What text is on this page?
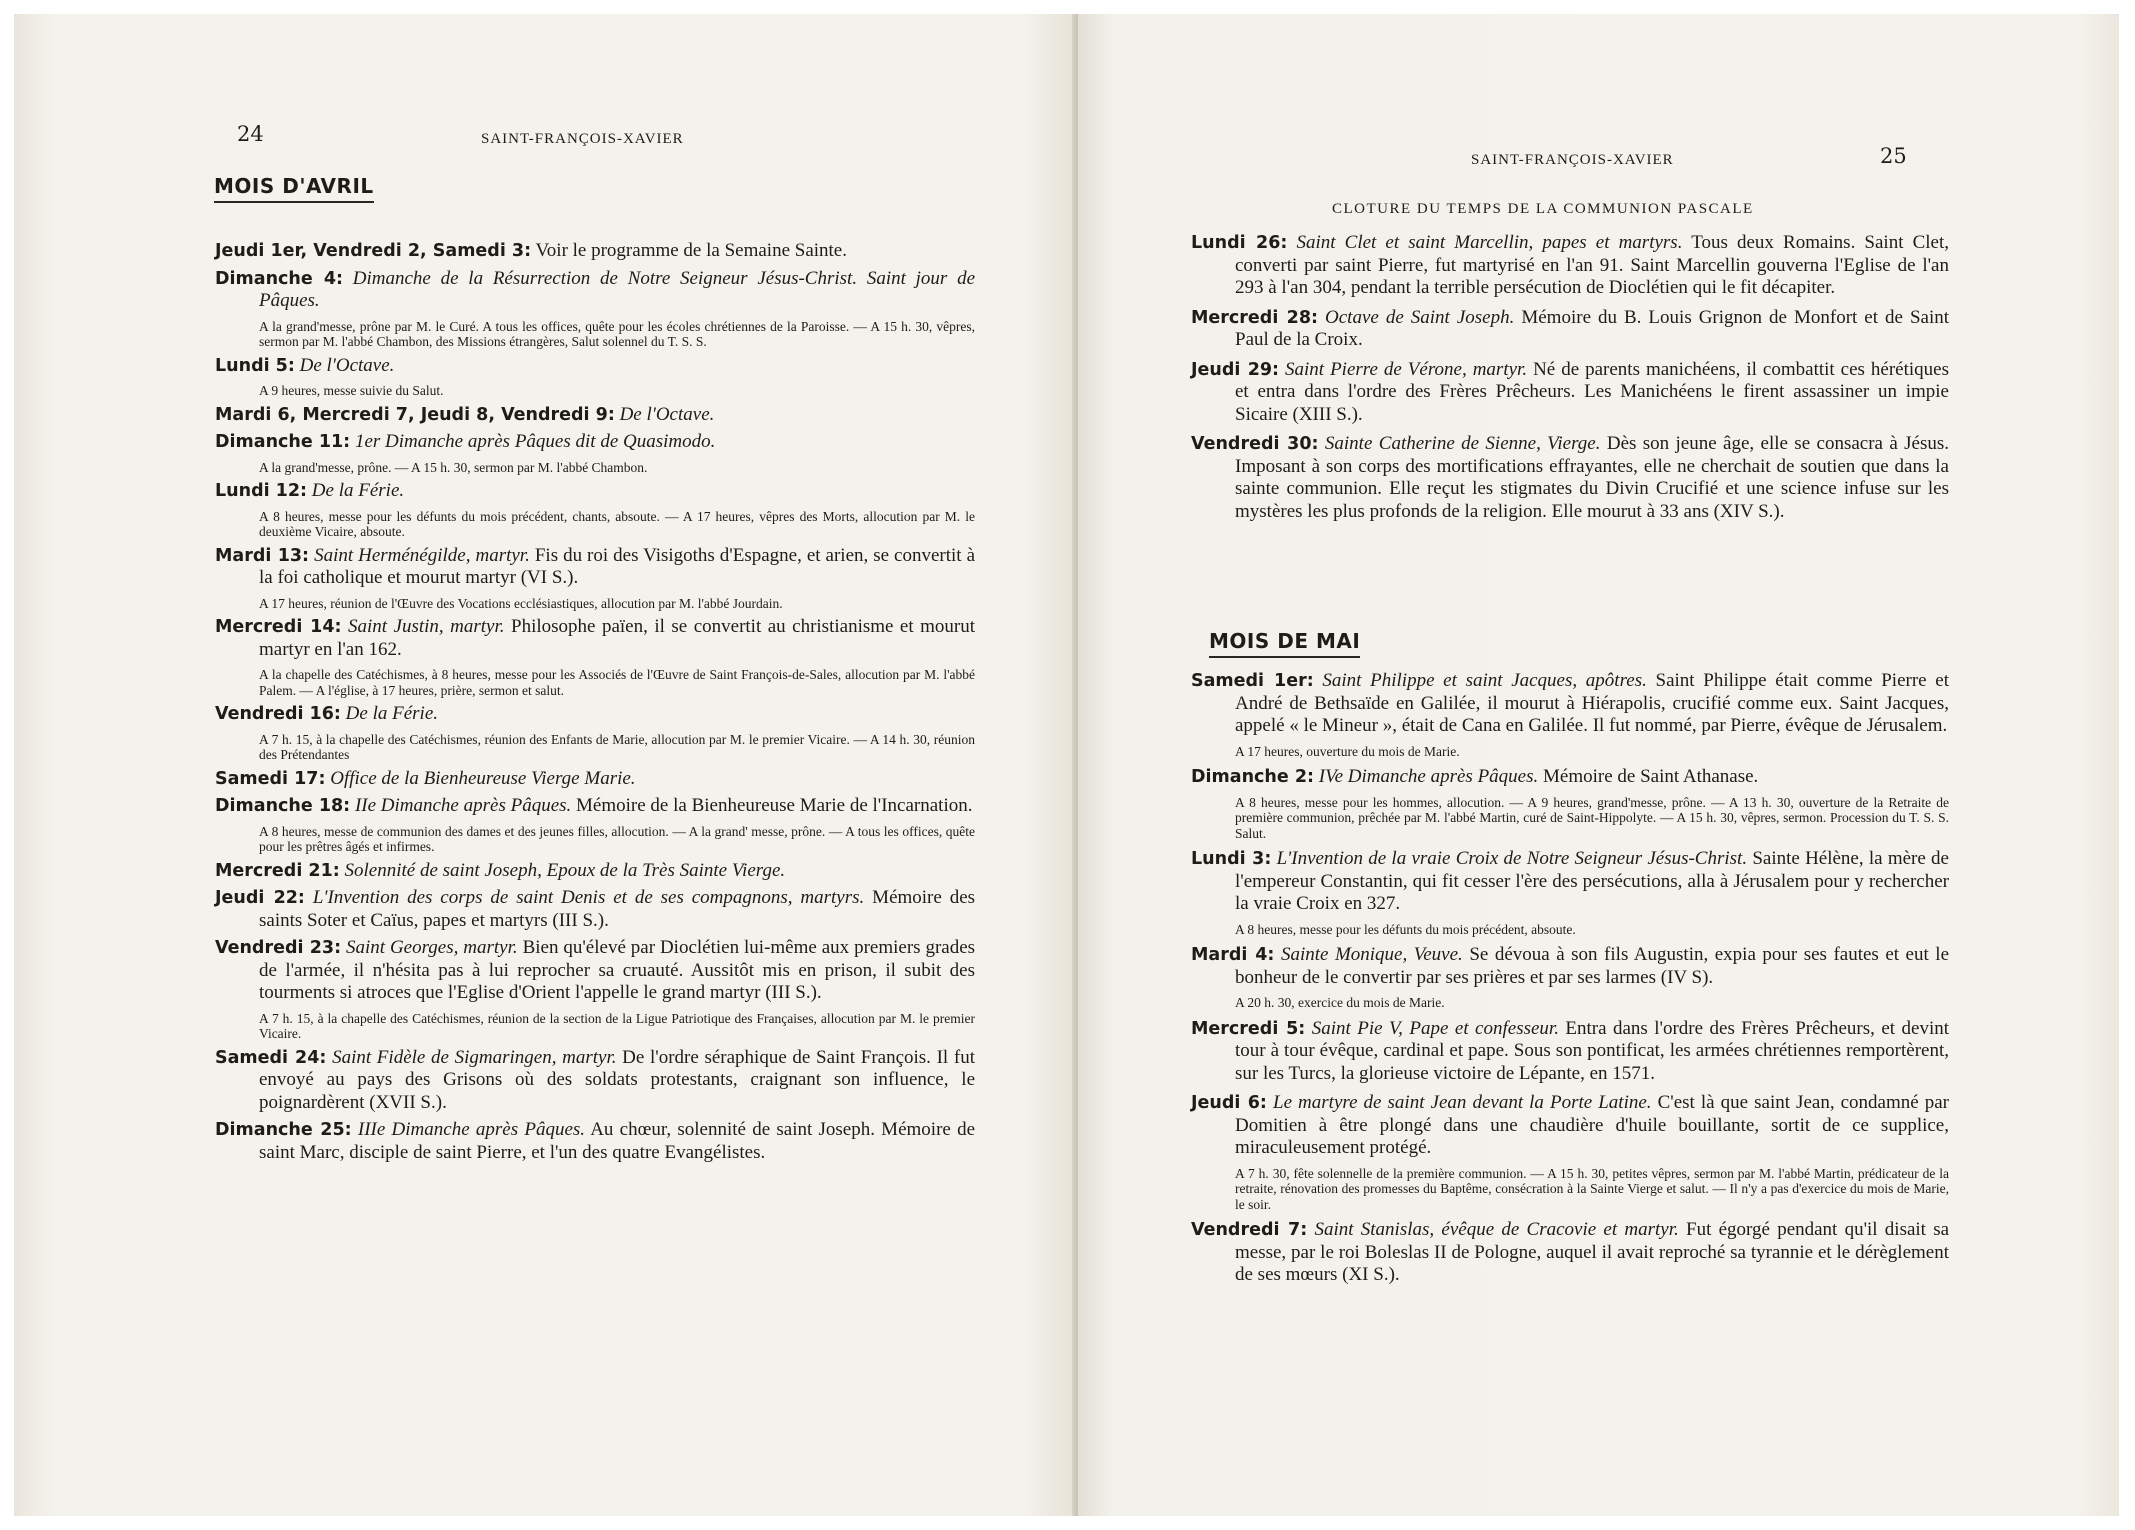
24	SAINT-FRANÇOIS-XAVIER
MOIS D'AVRIL

Jeudi 1er, Vendredi 2, Samedi 3: Voir le programme de la Semaine Sainte.

Dimanche 4: Dimanche de la Résurrection de Notre Seigneur Jésus-Christ. Saint jour de Pâques.

A la grand'messe, prône par M. le Curé. A tous les offices, quête pour les écoles chrétiennes de la Paroisse. — A 15 h. 30, vêpres, sermon par M. l'abbé Chambon, des Missions étrangères, Salut solennel du T. S. S.

Lundi 5: De l'Octave.

A 9 heures, messe suivie du Salut.

Mardi 6, Mercredi 7, Jeudi 8, Vendredi 9: De l'Octave.

Dimanche 11: 1er Dimanche après Pâques dit de Quasimodo.

A la grand'messe, prône. — A 15 h. 30, sermon par M. l'abbé Chambon.

Lundi 12: De la Férie.

A 8 heures, messe pour les défunts du mois précédent, chants, absoute. — A 17 heures, vêpres des Morts, allocution par M. le deuxième Vicaire, absoute.

Mardi 13: Saint Herménégilde, martyr. Fis du roi des Visigoths d'Espagne, et arien, se convertit à la foi catholique et mourut martyr (VI S.).

A 17 heures, réunion de l'Œuvre des Vocations ecclésiastiques, allocution par M. l'abbé Jourdain.

Mercredi 14: Saint Justin, martyr. Philosophe païen, il se convertit au christianisme et mourut martyr en l'an 162.

A la chapelle des Catéchismes, à 8 heures, messe pour les Associés de l'Œuvre de Saint François-de-Sales, allocution par M. l'abbé Palem. — A l'église, à 17 heures, prière, sermon et salut.

Vendredi 16: De la Férie.

A 7 h. 15, à la chapelle des Catéchismes, réunion des Enfants de Marie, allocution par M. le premier Vicaire. — A 14 h. 30, réunion des Prétendantes

Samedi 17: Office de la Bienheureuse Vierge Marie.

Dimanche 18: IIe Dimanche après Pâques. Mémoire de la Bienheureuse Marie de l'Incarnation.

A 8 heures, messe de communion des dames et des jeunes filles, allocution. — A la grand' messe, prône. — A tous les offices, quête pour les prêtres âgés et infirmes.

Mercredi 21: Solennité de saint Joseph, Epoux de la Très Sainte Vierge.

Jeudi 22: L'Invention des corps de saint Denis et de ses compagnons, martyrs. Mémoire des saints Soter et Caïus, papes et martyrs (III S.).

Vendredi 23: Saint Georges, martyr. Bien qu'élevé par Dioclétien lui-même aux premiers grades de l'armée, il n'hésita pas à lui reprocher sa cruauté. Aussitôt mis en prison, il subit des tourments si atroces que l'Eglise d'Orient l'appelle le grand martyr (III S.).

A 7 h. 15, à la chapelle des Catéchismes, réunion de la section de la Ligue Patriotique des Françaises, allocution par M. le premier Vicaire.

Samedi 24: Saint Fidèle de Sigmaringen, martyr. De l'ordre séraphique de Saint François. Il fut envoyé au pays des Grisons où des soldats protestants, craignant son influence, le poignardèrent (XVII S.).

Dimanche 25: IIIe Dimanche après Pâques. Au chœur, solennité de saint Joseph. Mémoire de saint Marc, disciple de saint Pierre, et l'un des quatre Evangélistes.

SAINT-FRANÇOIS-XAVIER	25
CLOTURE DU TEMPS DE LA COMMUNION PASCALE

Lundi 26: Saint Clet et saint Marcellin, papes et martyrs. Tous deux Romains. Saint Clet, converti par saint Pierre, fut martyrisé en l'an 91. Saint Marcellin gouverna l'Eglise de l'an 293 à l'an 304, pendant la terrible persécution de Dioclétien qui le fit décapiter.

Mercredi 28: Octave de Saint Joseph. Mémoire du B. Louis Grignon de Monfort et de Saint Paul de la Croix.

Jeudi 29: Saint Pierre de Vérone, martyr. Né de parents manichéens, il combattit ces hérétiques et entra dans l'ordre des Frères Prêcheurs. Les Manichéens le firent assassiner un impie Sicaire (XIII S.).

Vendredi 30: Sainte Catherine de Sienne, Vierge. Dès son jeune âge, elle se consacra à Jésus. Imposant à son corps des mortifications effrayantes, elle ne cherchait de soutien que dans la sainte communion. Elle reçut les stigmates du Divin Crucifié et une science infuse sur les mystères les plus profonds de la religion. Elle mourut à 33 ans (XIV S.).

MOIS DE MAI

Samedi 1er: Saint Philippe et saint Jacques, apôtres. Saint Philippe était comme Pierre et André de Bethsaïde en Galilée, il mourut à Hiérapolis, crucifié comme eux. Saint Jacques, appelé « le Mineur », était de Cana en Galilée. Il fut nommé, par Pierre, évêque de Jérusalem.

A 17 heures, ouverture du mois de Marie.

Dimanche 2: IVe Dimanche après Pâques. Mémoire de Saint Athanase.

A 8 heures, messe pour les hommes, allocution. — A 9 heures, grand'messe, prône. — A 13 h. 30, ouverture de la Retraite de première communion, prêchée par M. l'abbé Martin, curé de Saint-Hippolyte. — A 15 h. 30, vêpres, sermon. Procession du T. S. S. Salut.

Lundi 3: L'Invention de la vraie Croix de Notre Seigneur Jésus-Christ. Sainte Hélène, la mère de l'empereur Constantin, qui fit cesser l'ère des persécutions, alla à Jérusalem pour y rechercher la vraie Croix en 327.

A 8 heures, messe pour les défunts du mois précédent, absoute.

Mardi 4: Sainte Monique, Veuve. Se dévoua à son fils Augustin, expia pour ses fautes et eut le bonheur de le convertir par ses prières et par ses larmes (IV S).

A 20 h. 30, exercice du mois de Marie.

Mercredi 5: Saint Pie V, Pape et confesseur. Entra dans l'ordre des Frères Prêcheurs, et devint tour à tour évêque, cardinal et pape. Sous son pontificat, les armées chrétiennes remportèrent, sur les Turcs, la glorieuse victoire de Lépante, en 1571.

Jeudi 6: Le martyre de saint Jean devant la Porte Latine. C'est là que saint Jean, condamné par Domitien à être plongé dans une chaudière d'huile bouillante, sortit de ce supplice, miraculeusement protégé.

A 7 h. 30, fête solennelle de la première communion. — A 15 h. 30, petites vêpres, sermon par M. l'abbé Martin, prédicateur de la retraite, rénovation des promesses du Baptême, consécration à la Sainte Vierge et salut. — Il n'y a pas d'exercice du mois de Marie, le soir.

Vendredi 7: Saint Stanislas, évêque de Cracovie et martyr. Fut égorgé pendant qu'il disait sa messe, par le roi Boleslas II de Pologne, auquel il avait reproché sa tyrannie et le dérèglement de ses mœurs (XI S.).
